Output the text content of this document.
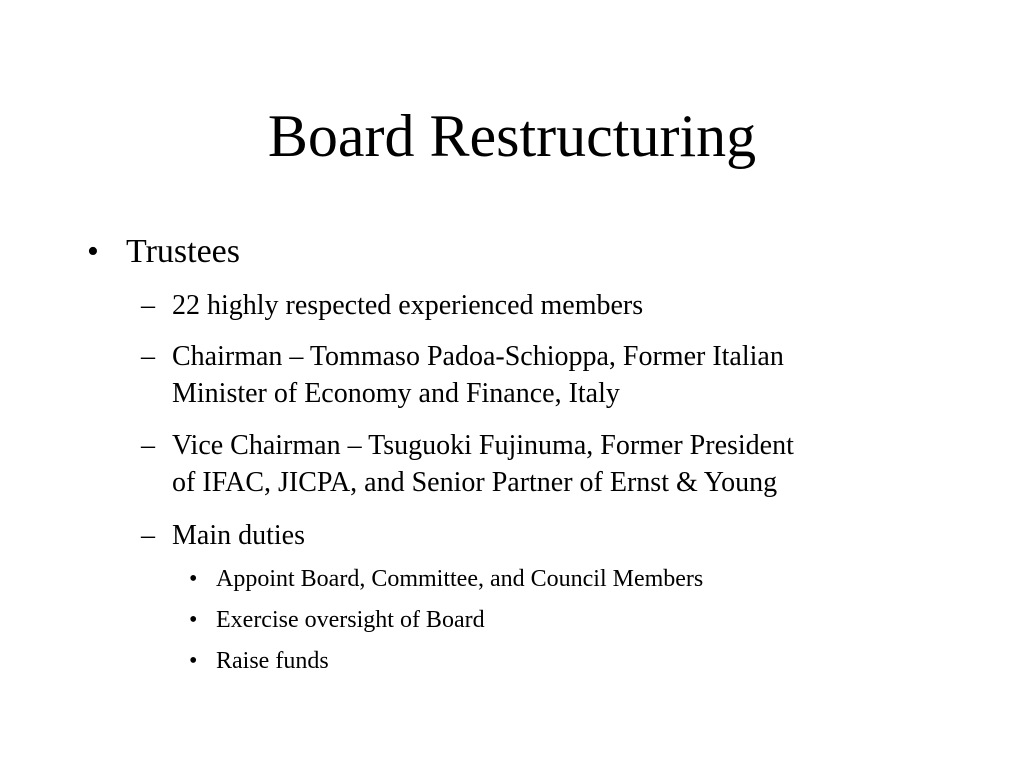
Board Restructuring
• Trustees
– 22 highly respected experienced members
– Chairman – Tommaso Padoa-Schioppa, Former Italian
Minister of Economy and Finance, Italy
– Vice Chairman – Tsuguoki Fujinuma, Former President
of IFAC, JICPA, and Senior Partner of Ernst & Young
– Main duties
• Appoint Board, Committee, and Council Members
• Exercise oversight of Board
• Raise funds
